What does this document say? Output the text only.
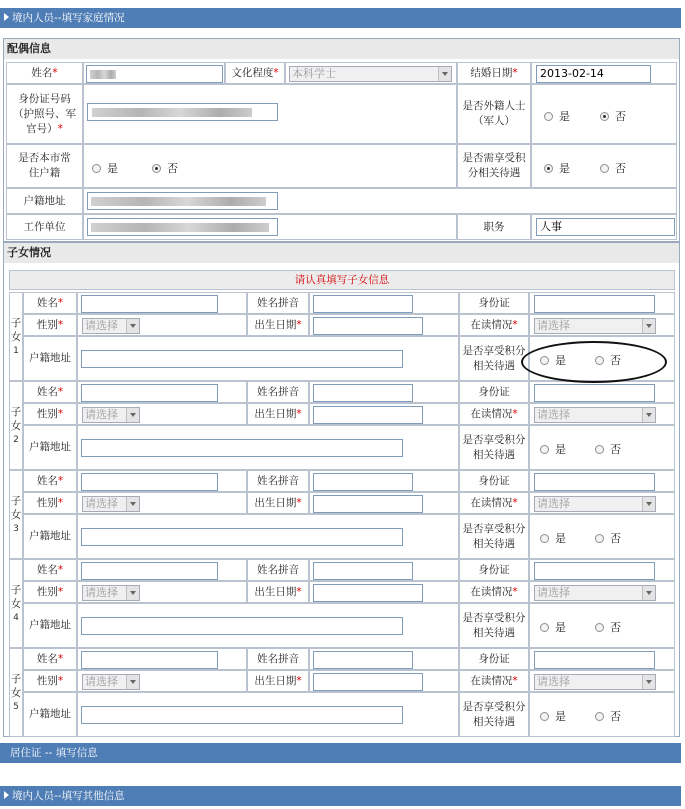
境内人员--填写家庭情况
配偶信息
姓名 *	文化程度 * 本科学士	结婚日期 *	2013-02-14
身份证号码（护照号、军官号）*
是否外籍人士（军人）	是	否
是否本市常住户籍	是	否
是否需享受积分相关待遇	是	否
户籍地址
工作单位	职务	人事
子女情况
请认真填写子女信息
子
女
1
姓名 *	姓名拼音	身份证
性别 * 请选择	出生日期 *	在读情况 * 请选择
户籍地址
是否享受积分相关待遇	是	否
子
女
2
姓名 *	姓名拼音	身份证
性别 * 请选择	出生日期 *	在读情况 * 请选择
户籍地址
是否享受积分相关待遇	是	否
子
女
3
姓名 *	姓名拼音	身份证
性别 * 请选择	出生日期 *	在读情况 * 请选择
户籍地址
是否享受积分相关待遇	是	否
子
女
4
姓名 *	姓名拼音	身份证
性别 * 请选择	出生日期 *	在读情况 * 请选择
户籍地址
是否享受积分相关待遇	是	否
子
女
5
姓名 *	姓名拼音	身份证
性别 * 请选择	出生日期 *	在读情况 * 请选择
户籍地址
是否享受积分相关待遇	是	否
居住证 -- 填写信息
境内人员--填写其他信息
